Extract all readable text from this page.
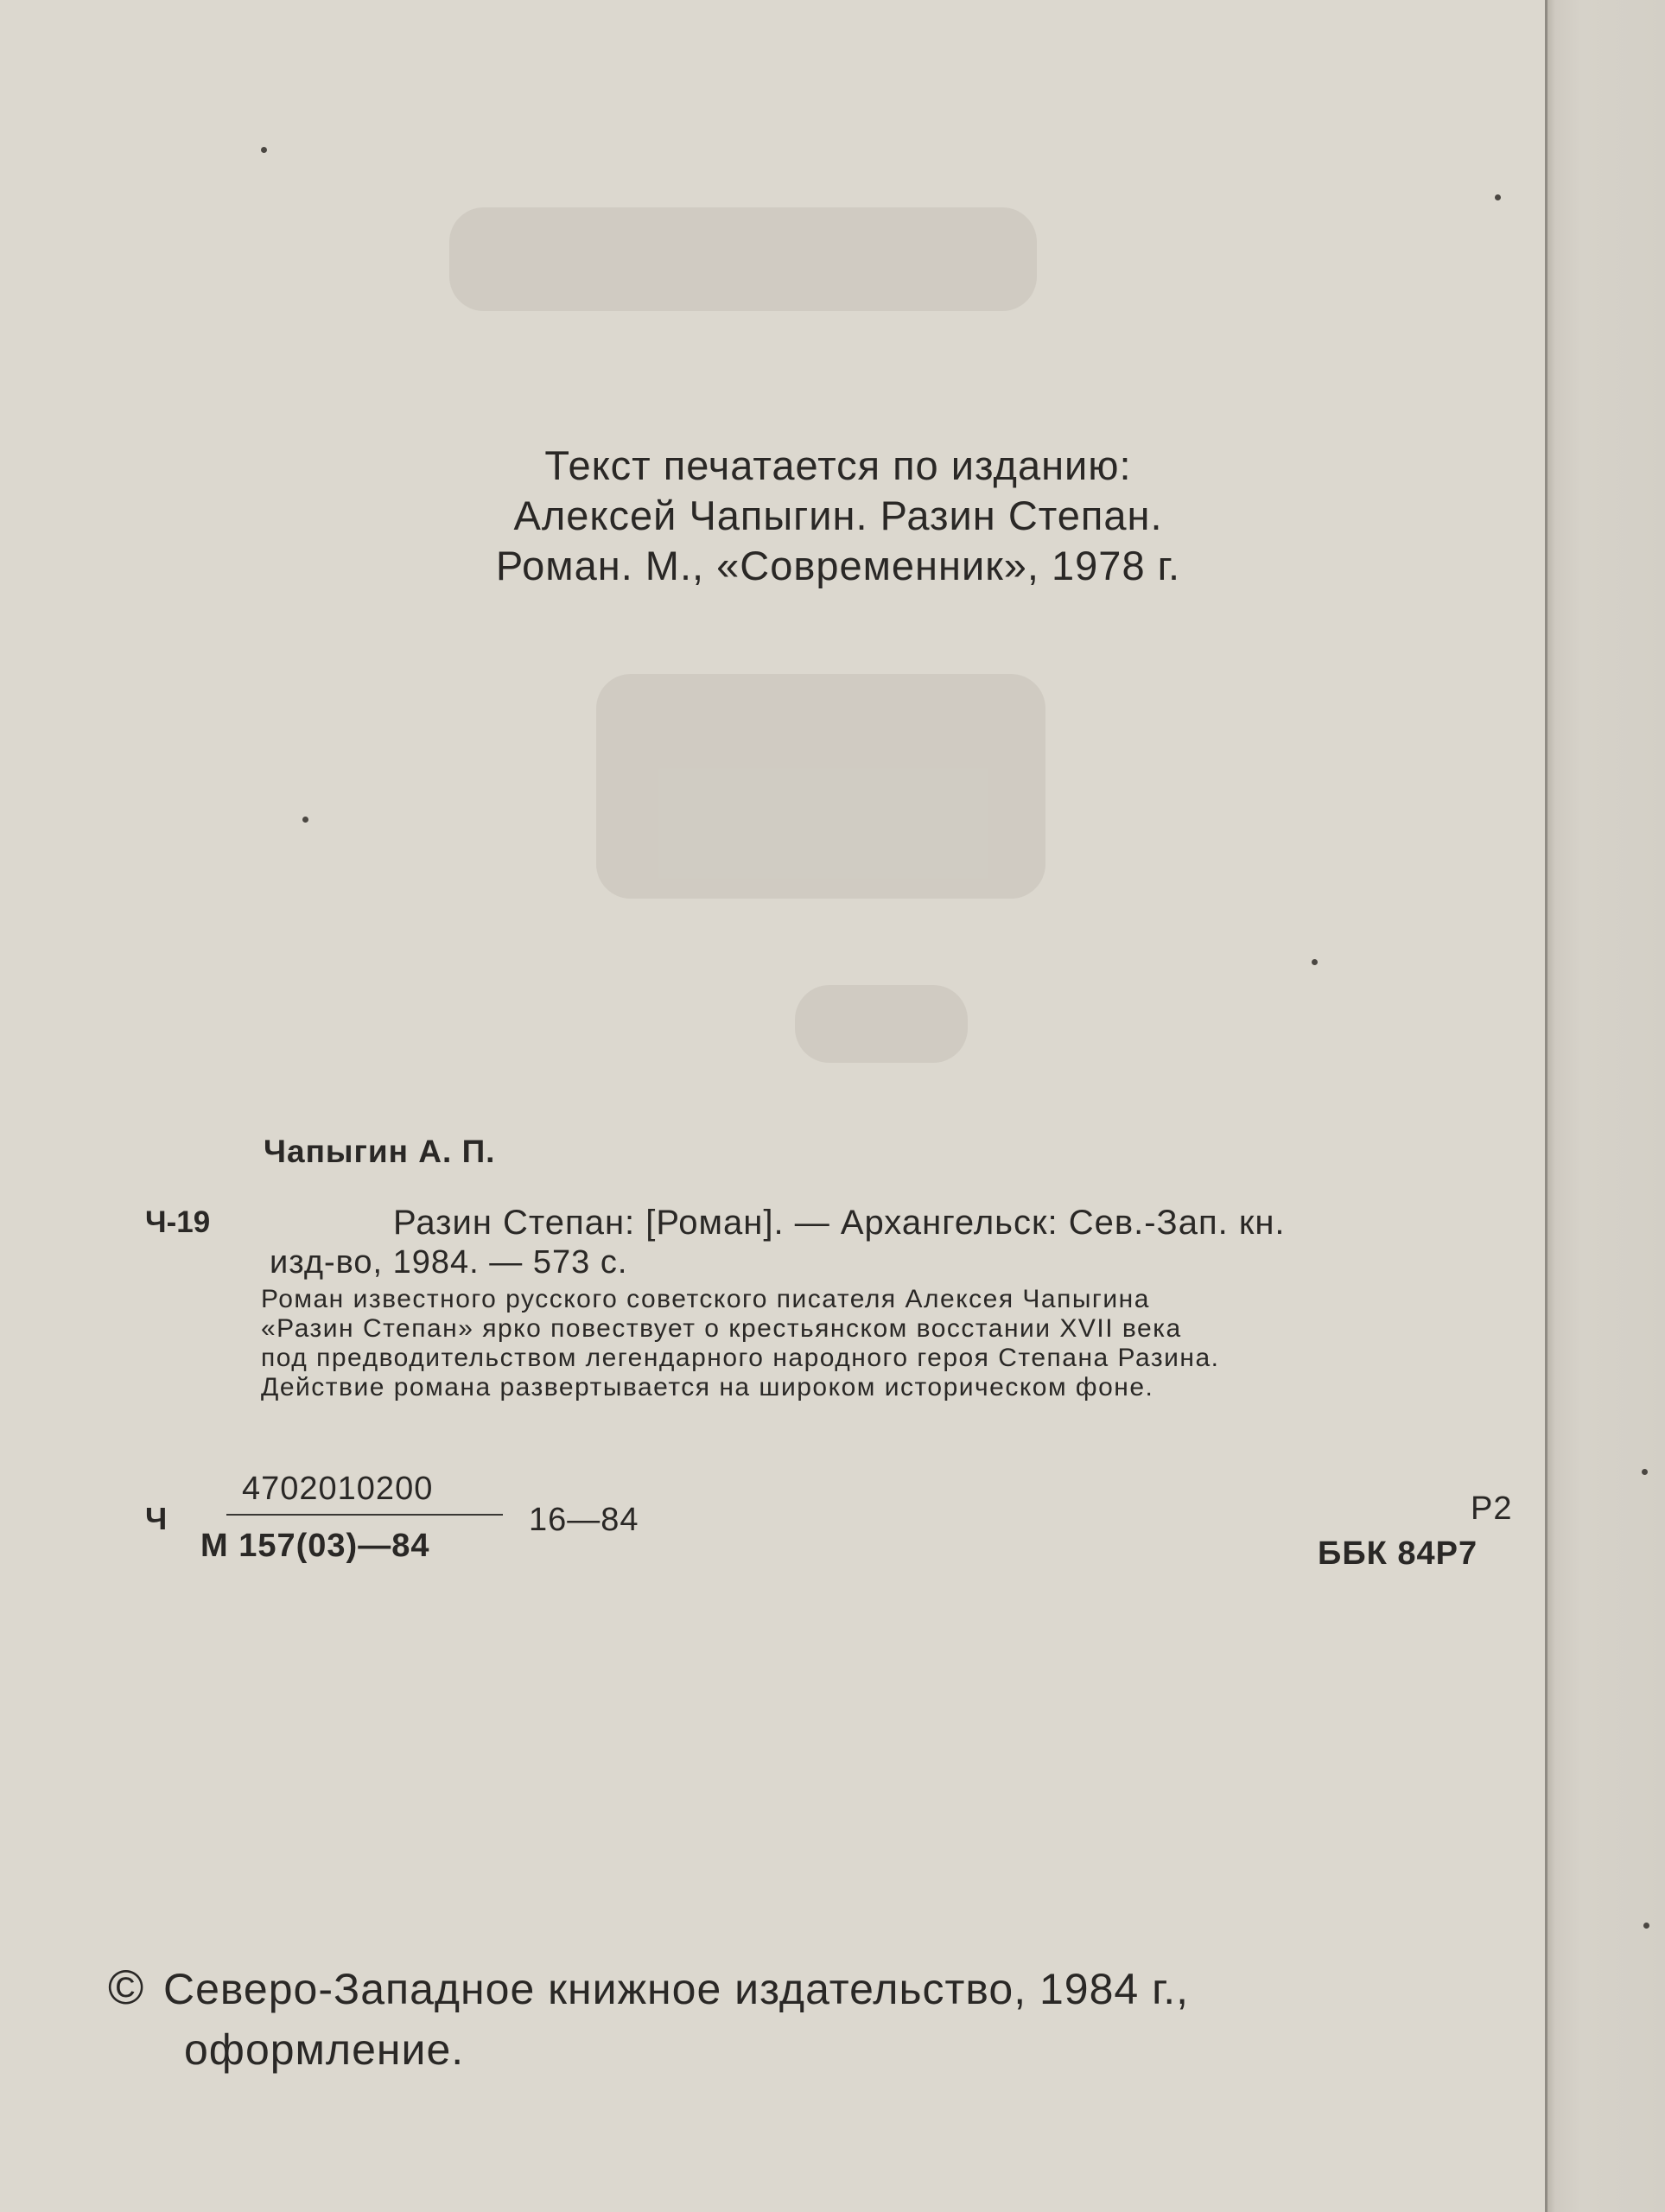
Текст печатается по изданию:
Алексей Чапыгин. Разин Степан.
Роман. М., «Современник», 1978 г.
Чапыгин А. П.
Ч-19	Разин Степан: [Роман]. — Архангельск: Сев.-Зап. кн.
изд-во, 1984. — 573 с.
Роман известного русского советского писателя Алексея Чапыгина
«Разин Степан» ярко повествует о крестьянском восстании XVII века
под предводительством легендарного народного героя Степана Разина.
Действие романа развертывается на широком историческом фоне.
Ч
4702010200
М 157(03)—84
16—84	Р2
ББК 84Р7
© Северо-Западное книжное издательство, 1984 г.,
оформление.
